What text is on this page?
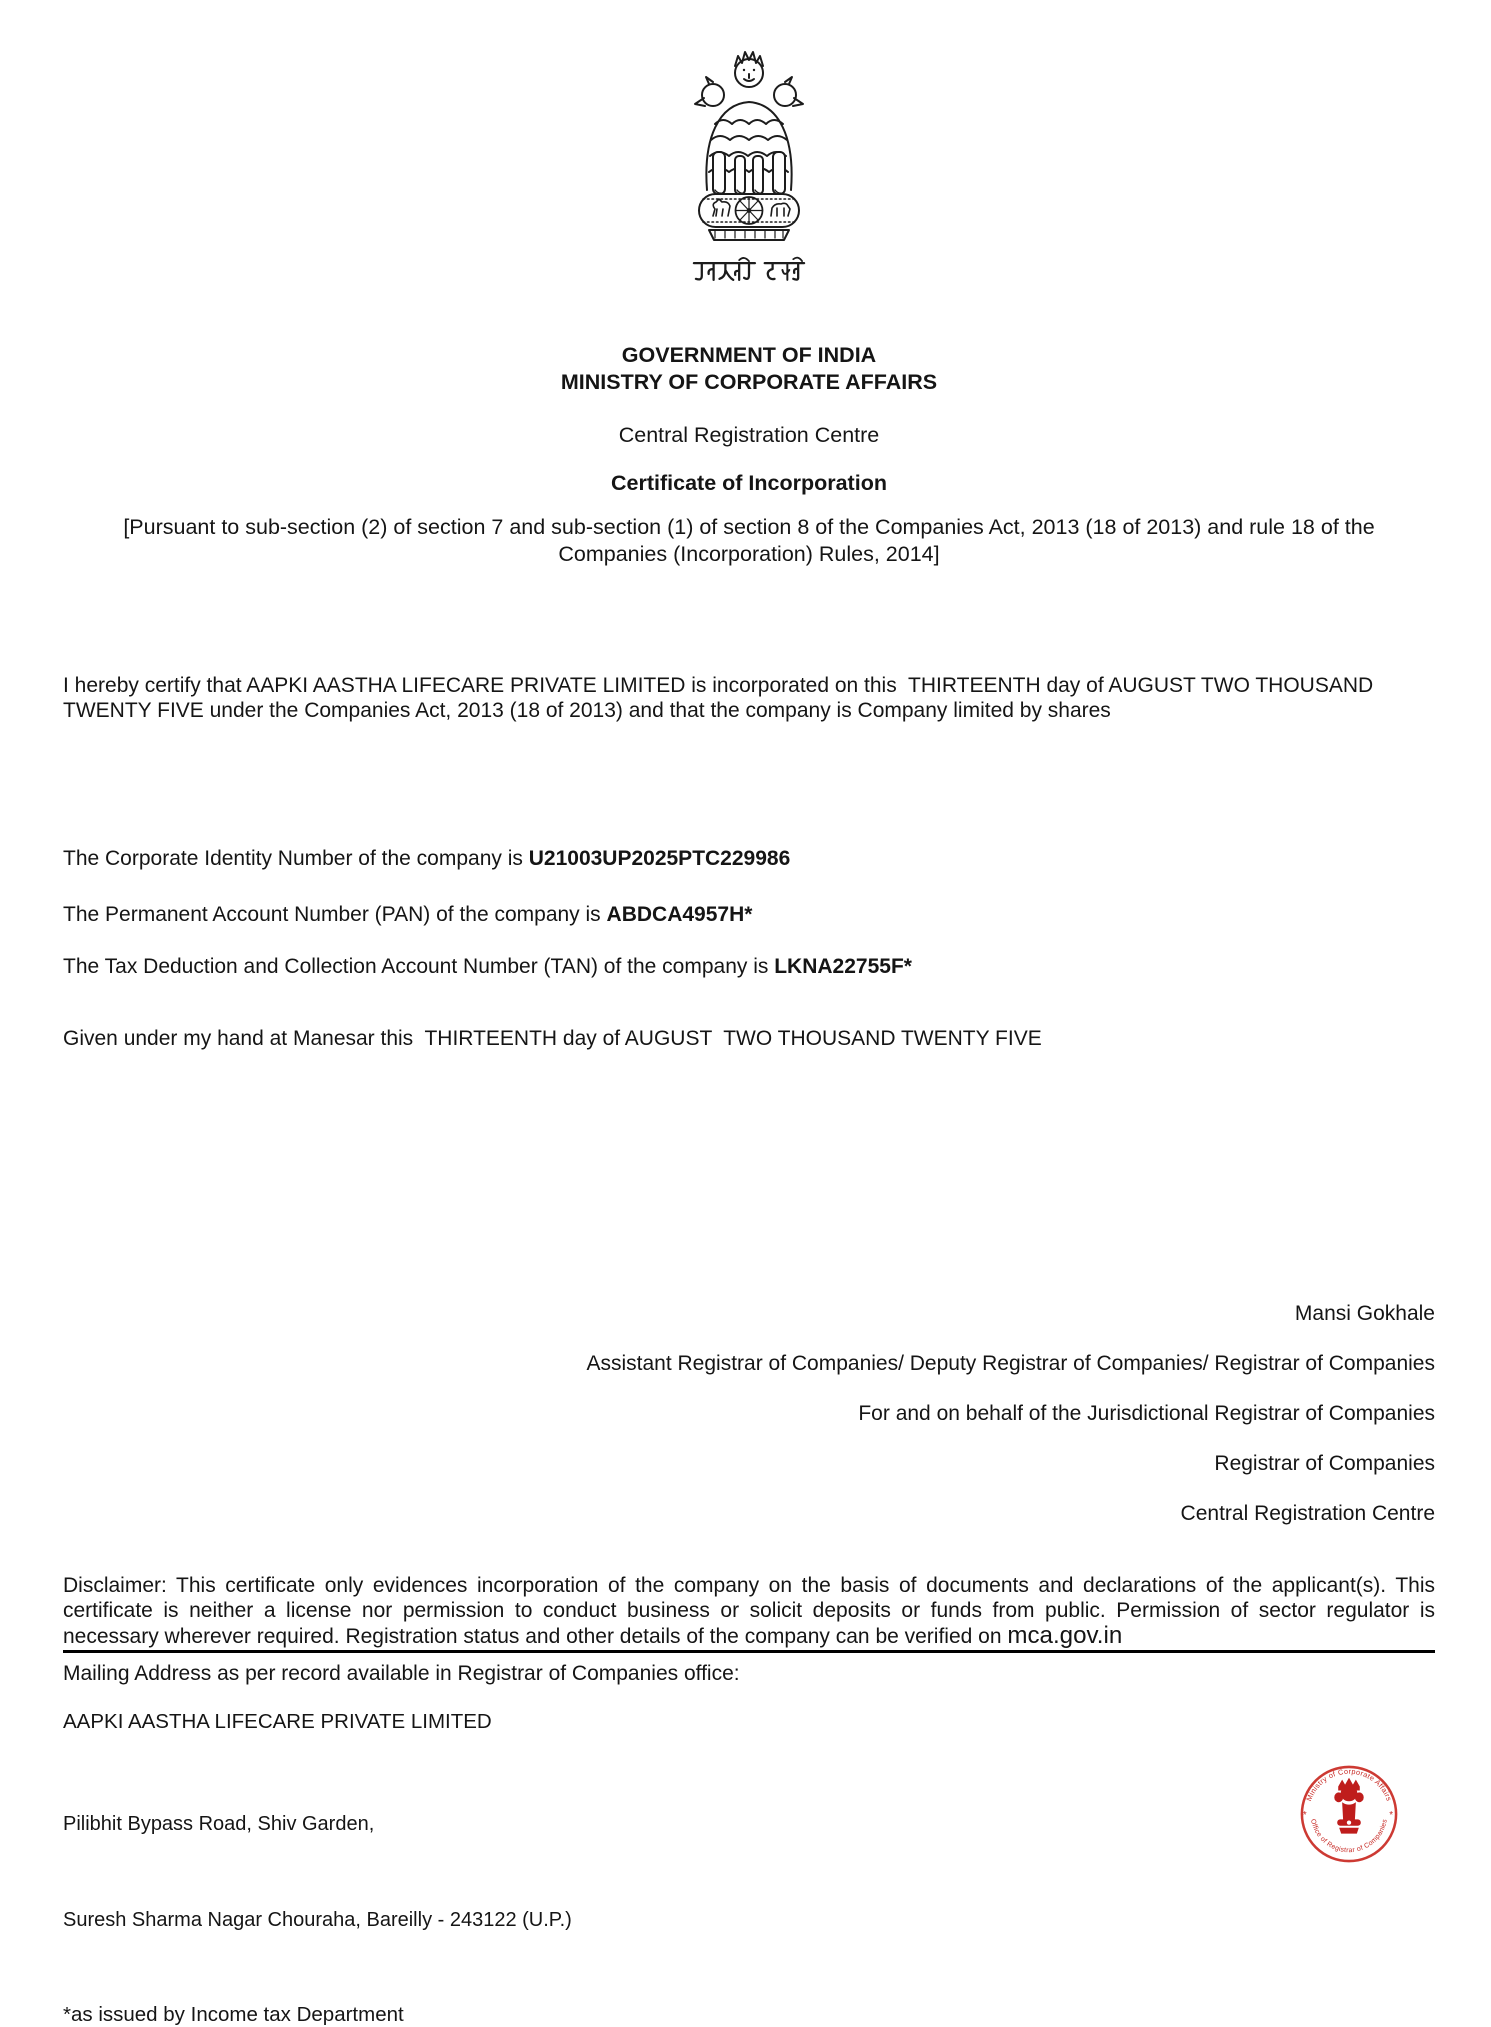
GOVERNMENT OF INDIA
MINISTRY OF CORPORATE AFFAIRS
Central Registration Centre
Certificate of Incorporation
[Pursuant to sub-section (2) of section 7 and sub-section (1) of section 8 of the Companies Act, 2013 (18 of 2013) and rule 18 of the Companies (Incorporation) Rules, 2014]
I hereby certify that AAPKI AASTHA LIFECARE PRIVATE LIMITED is incorporated on this  THIRTEENTH day of AUGUST TWO THOUSAND TWENTY FIVE under the Companies Act, 2013 (18 of 2013) and that the company is Company limited by shares
The Corporate Identity Number of the company is U21003UP2025PTC229986
The Permanent Account Number (PAN) of the company is ABDCA4957H*
The Tax Deduction and Collection Account Number (TAN) of the company is LKNA22755F*
Given under my hand at Manesar this  THIRTEENTH day of AUGUST  TWO THOUSAND TWENTY FIVE
Mansi Gokhale
Assistant Registrar of Companies/ Deputy Registrar of Companies/ Registrar of Companies
For and on behalf of the Jurisdictional Registrar of Companies
Registrar of Companies
Central Registration Centre
Disclaimer: This certificate only evidences incorporation of the company on the basis of documents and declarations of the applicant(s). This certificate is neither a license nor permission to conduct business or solicit deposits or funds from public. Permission of sector regulator is necessary wherever required. Registration status and other details of the company can be verified on mca.gov.in
Mailing Address as per record available in Registrar of Companies office:
AAPKI AASTHA LIFECARE PRIVATE LIMITED

Pilibhit Bypass Road, Shiv Garden,

Suresh Sharma Nagar Chouraha, Bareilly - 243122 (U.P.)

*as issued by Income tax Department
Ministry of Corporate Affairs
Office of Registrar of Companies
*	*
